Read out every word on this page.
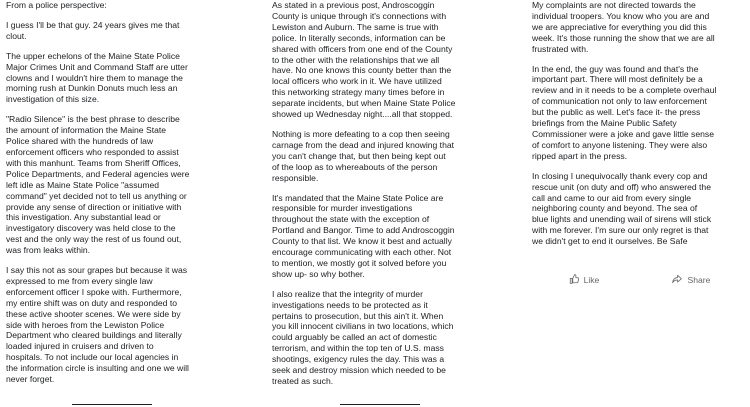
From a police perspective:

I guess I'll be that guy. 24 years gives me that
clout.

The upper echelons of the Maine State Police
Major Crimes Unit and Command Staff are utter
clowns and I wouldn't hire them to manage the
morning rush at Dunkin Donuts much less an
investigation of this size.

"Radio Silence" is the best phrase to describe
the amount of information the Maine State
Police shared with the hundreds of law
enforcement officers who responded to assist
with this manhunt. Teams from Sheriff Offices,
Police Departments, and Federal agencies were
left idle as Maine State Police "assumed
command" yet decided not to tell us anything or
provide any sense of direction or initiative with
this investigation. Any substantial lead or
investigatory discovery was held close to the
vest and the only way the rest of us found out,
was from leaks within.

I say this not as sour grapes but because it was
expressed to me from every single law
enforcement officer I spoke with. Furthermore,
my entire shift was on duty and responded to
these active shooter scenes. We were side by
side with heroes from the Lewiston Police
Department who cleared buildings and literally
loaded injured in cruisers and driven to
hospitals. To not include our local agencies in
the information circle is insulting and one we will
never forget.

As stated in a previous post, Androscoggin
County is unique through it's connections with
Lewiston and Auburn. The same is true with
police. In literally seconds, information can be
shared with officers from one end of the County
to the other with the relationships that we all
have. No one knows this county better than the
local officers who work in it. We have utilized
this networking strategy many times before in
separate incidents, but when Maine State Police
showed up Wednesday night....all that stopped.

Nothing is more defeating to a cop then seeing
carnage from the dead and injured knowing that
you can't change that, but then being kept out
of the loop as to whereabouts of the person
responsible.

It's mandated that the Maine State Police are
responsible for murder investigations
throughout the state with the exception of
Portland and Bangor. Time to add Androscoggin
County to that list. We know it best and actually
encourage communicating with each other. Not
to mention, we mostly got it solved before you
show up- so why bother.

I also realize that the integrity of murder
investigations needs to be protected as it
pertains to prosecution, but this ain't it. When
you kill innocent civilians in two locations, which
could arguably be called an act of domestic
terrorism, and within the top ten of U.S. mass
shootings, exigency rules the day. This was a
seek and destroy mission which needed to be
treated as such.

My complaints are not directed towards the
individual troopers. You know who you are and
we are appreciative for everything you did this
week. It's those running the show that we are all
frustrated with.

In the end, the guy was found and that's the
important part. There will most definitely be a
review and in it needs to be a complete overhaul
of communication not only to law enforcement
but the public as well. Let's face it- the press
briefings from the Maine Public Safety
Commissioner were a joke and gave little sense
of comfort to anyone listening. They were also
ripped apart in the press.

In closing I unequivocally thank every cop and
rescue unit (on duty and off) who answered the
call and came to our aid from every single
neighboring county and beyond. The sea of
blue lights and unending wail of sirens will stick
with me forever. I'm sure our only regret is that
we didn't get to end it ourselves. Be Safe

Like	Share
